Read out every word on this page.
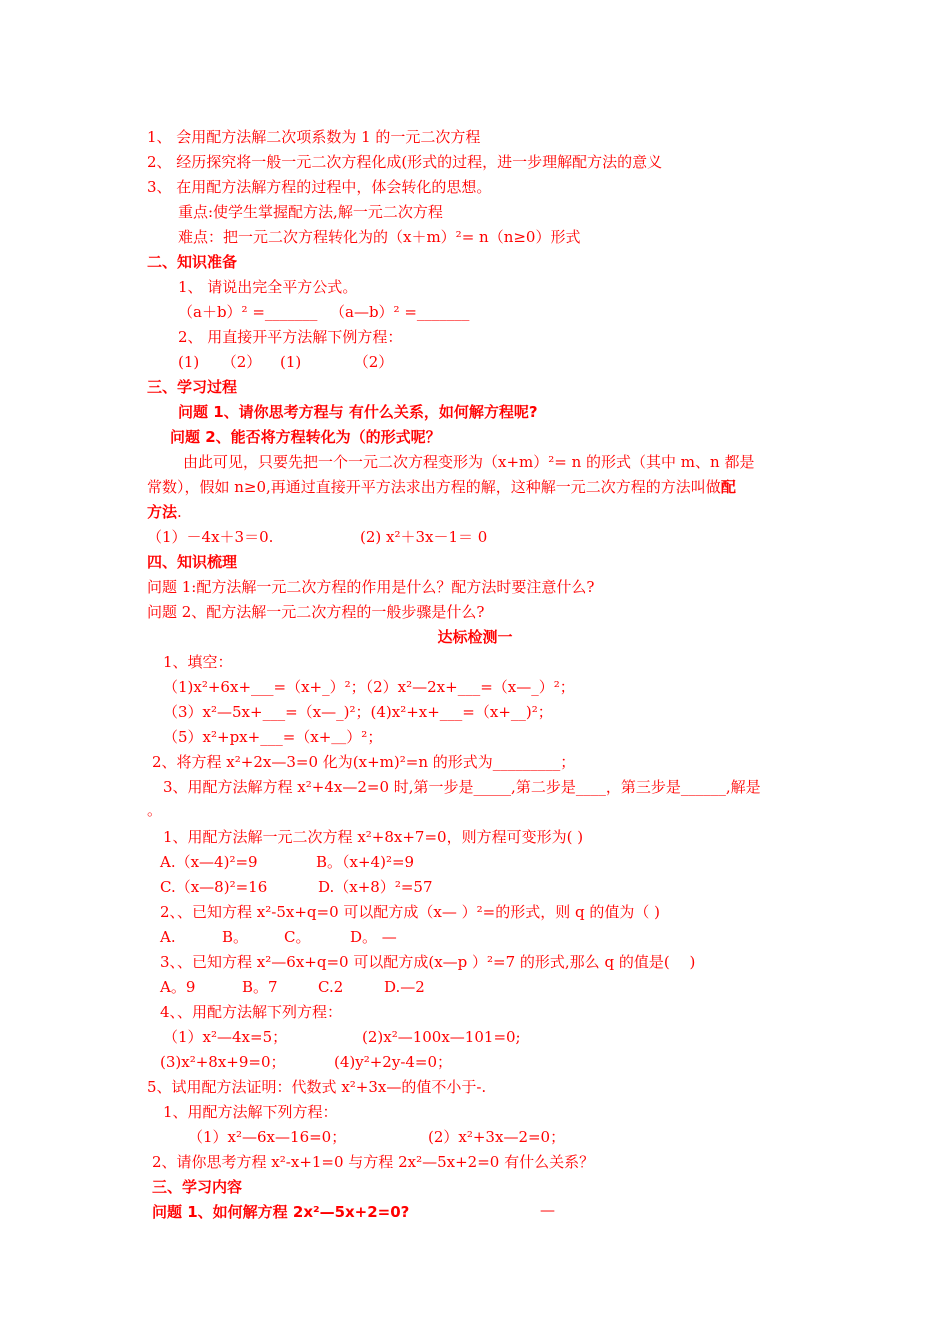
1、 会用配方法解二次项系数为 1 的一元二次方程
2、 经历探究将一般一元二次方程化成(形式的过程，进一步理解配方法的意义
3、 在用配方法解方程的过程中，体会转化的思想。
重点:使学生掌握配方法,解一元二次方程
难点：把一元二次方程转化为的（x＋m）²= n（n≥0）形式
二、知识准备
1、 请说出完全平方公式。
（a＋b）² =_______ （a—b）² =_______
2、 用直接开平方法解下例方程：
(1)　　（2） (1)　　　　（2）
三、学习过程
问题 1、请你思考方程与 有什么关系，如何解方程呢?
问题 2、能否将方程转化为（的形式呢？
由此可见，只要先把一个一元二次方程变形为（x+m）²= n 的形式（其中 m、n 都是
常数），假如 n≥0,再通过直接开平方法求出方程的解，这种解一元二次方程的方法叫做配
方法.
（1）－4x＋3＝0.	(2) x²＋3x－1＝ 0
四、知识梳理
问题 1:配方法解一元二次方程的作用是什么？配方法时要注意什么?
问题 2、配方法解一元二次方程的一般步骤是什么?
达标检测一
1、填空：
（1)x²+6x+___=（x+_）²；（2）x²—2x+___=（x—_）²；
（3）x²—5x+___=（x—_)²；(4)x²+x+___=（x+__)²；
（5）x²+px+___=（x+＿）²；
2、将方程 x²+2x—3=0 化为(x+m)²=n 的形式为_________；
3、用配方法解方程 x²+4x—2=0 时,第一步是_____,第二步是____，第三步是______,解是
。
1、用配方法解一元二次方程 x²+8x+7=0，则方程可变形为( )
A.（x—4)²=9	B。（x+4)²=9
C.（x—8)²=16	D.（x+8）²=57
2、、已知方程 x²-5x+q=0 可以配方成（x— ）²=的形式，则 q 的值为（ )
A.	B。 C。	D。 —
3、、已知方程 x²—6x+q=0 可以配方成(x—p ）²=7 的形式,那么 q 的值是(　 )
A。9	B。7	C.2	D.—2
4、、用配方法解下列方程：
（1）x²—4x=5；	(2)x²—100x—101=0;
(3)x²+8x+9=0；	(4)y²+2y-4=0；
5、试用配方法证明：代数式 x²+3x—的值不小于-.
1、用配方法解下列方程：
（1）x²—6x—16=0；	(2）x²+3x—2=0；
2、请你思考方程 x²-x+1=0 与方程 2x²—5x+2=0 有什么关系？
三、学习内容
问题 1、如何解方程 2x²—5x+2=0?	—
